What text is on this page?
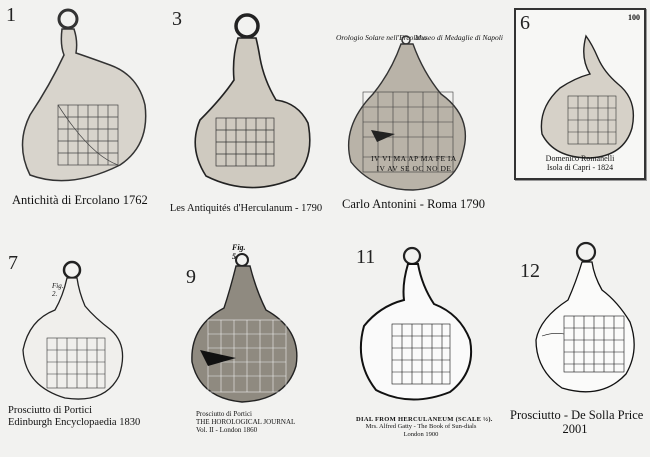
1
Antichità di Ercolano 1762
3
Les Antiquités d'Herculanum - 1790
Orologio Solare nell'Ercolano
Museo di Medaglie di Napoli
IV VI MA AP MA FE IA
IV AV SE OC NO DE
Carlo Antonini - Roma 1790
6	100
Domenico Romanelli
Isola di Capri - 1824
7
Fig. 2.
Prosciutto di Portici
Edinburgh Encyclopaedia 1830
9
Fig. 5.
Prosciutto di Portici
THE HOROLOGICAL JOURNAL
Vol. II - London 1860
11
DIAL FROM HERCULANEUM (SCALE ½).
Mrs. Alfred Gatty - The Book of Sun-dials
London 1900
12
Prosciutto - De Solla Price
2001
